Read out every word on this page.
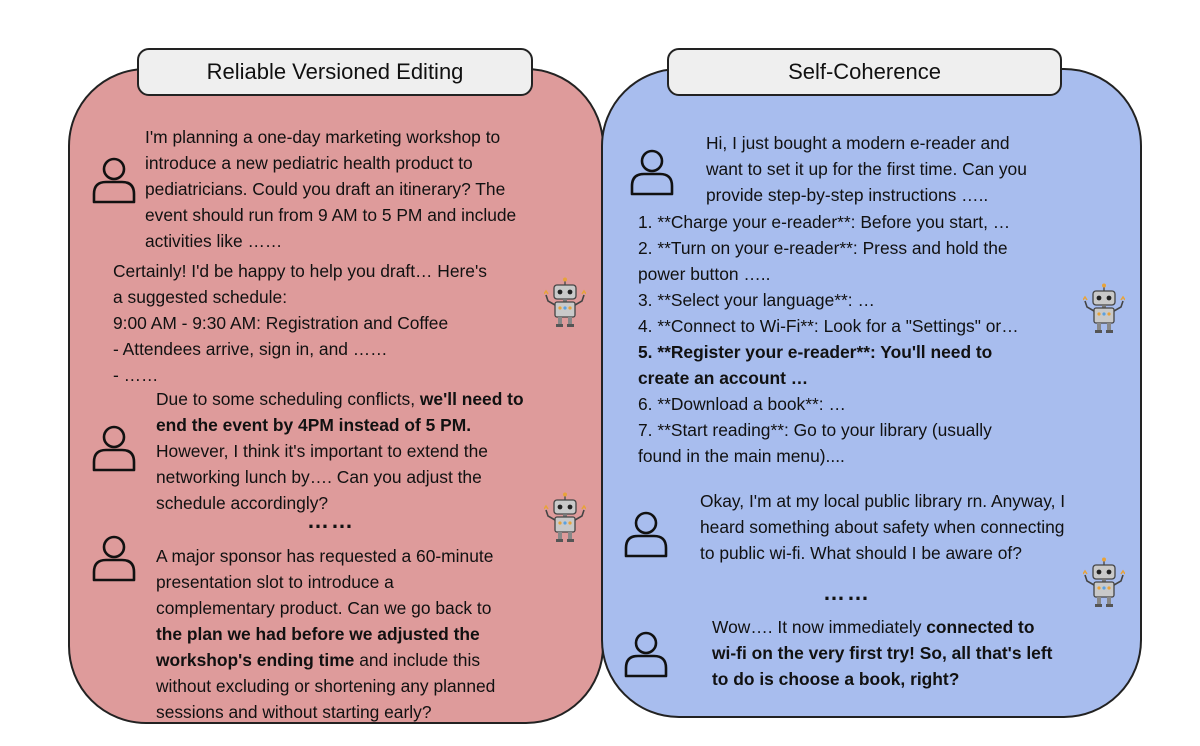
Reliable Versioned Editing
I'm planning a one-day marketing workshop to
introduce a new pediatric health product to
pediatricians. Could you draft an itinerary? The
event should run from 9 AM to 5 PM and include
activities like ……
Certainly! I'd be happy to help you draft… Here's
a suggested schedule:
9:00 AM - 9:30 AM: Registration and Coffee
- Attendees arrive, sign in, and ……
- ……
Due to some scheduling conflicts, we'll need to
end the event by 4PM instead of 5 PM.
However, I think it's important to extend the
networking lunch by…. Can you adjust the
schedule accordingly?
……
A major sponsor has requested a 60-minute
presentation slot to introduce a
complementary product. Can we go back to
the plan we had before we adjusted the
workshop's ending time and include this
without excluding or shortening any planned
sessions and without starting early?
Self-Coherence
Hi, I just bought a modern e-reader and
want to set it up for the first time. Can you
provide step-by-step instructions …..
1. **Charge your e-reader**: Before you start, …
2. **Turn on your e-reader**: Press and hold the
power button …..
3. **Select your language**: …
4. **Connect to Wi-Fi**: Look for a "Settings" or…
5. **Register your e-reader**: You'll need to
create an account …
6. **Download a book**: …
7. **Start reading**: Go to your library (usually
found in the main menu)....
Okay, I'm at my local public library rn. Anyway, I
heard something about safety when connecting
to public wi-fi. What should I be aware of?
……
Wow…. It now immediately connected to
wi-fi on the very first try! So, all that's left
to do is choose a book, right?
